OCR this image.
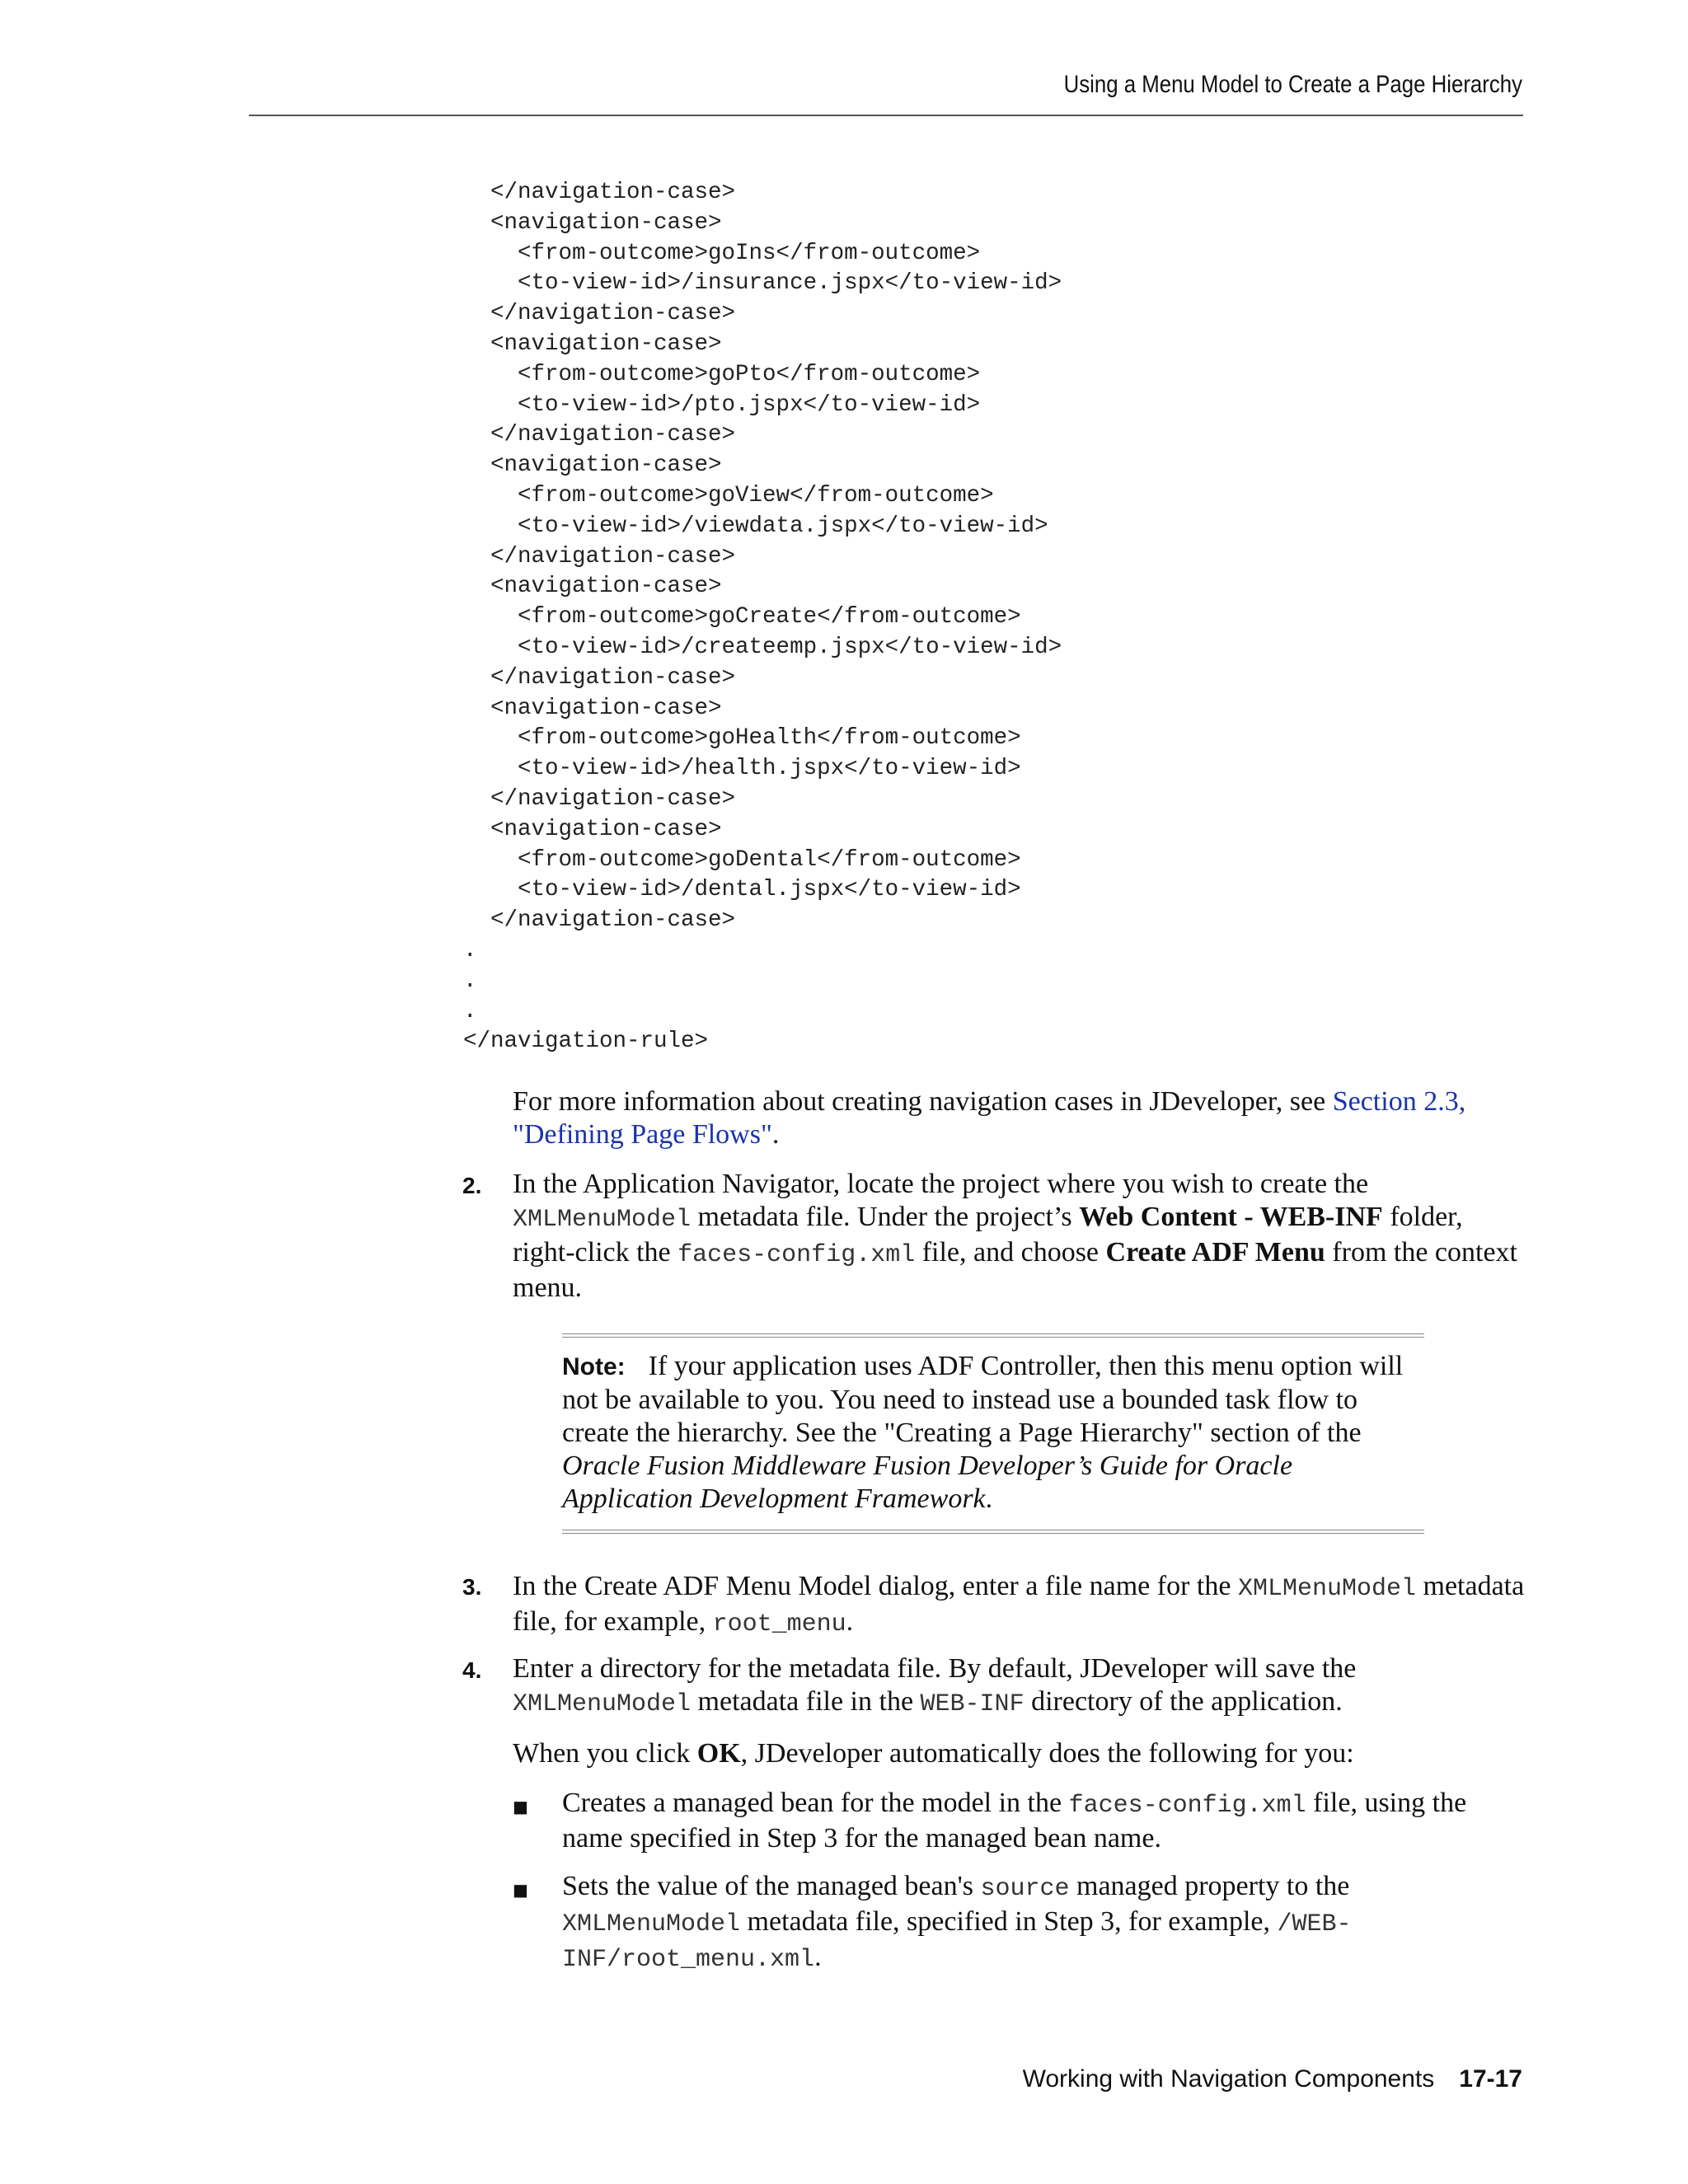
Using a Menu Model to Create a Page Hierarchy
</navigation-case>
<navigation-case>
<from-outcome>goIns</from-outcome>
<to-view-id>/insurance.jspx</to-view-id>
</navigation-case>
<navigation-case>
<from-outcome>goPto</from-outcome>
<to-view-id>/pto.jspx</to-view-id>
</navigation-case>
<navigation-case>
<from-outcome>goView</from-outcome>
<to-view-id>/viewdata.jspx</to-view-id>
</navigation-case>
<navigation-case>
<from-outcome>goCreate</from-outcome>
<to-view-id>/createemp.jspx</to-view-id>
</navigation-case>
<navigation-case>
<from-outcome>goHealth</from-outcome>
<to-view-id>/health.jspx</to-view-id>
</navigation-case>
<navigation-case>
<from-outcome>goDental</from-outcome>
<to-view-id>/dental.jspx</to-view-id>
</navigation-case>
.
.
.
</navigation-rule>
For more information about creating navigation cases in JDeveloper, see Section 2.3, "Defining Page Flows".
2. In the Application Navigator, locate the project where you wish to create the XMLMenuModel metadata file. Under the project’s Web Content - WEB-INF folder, right-click the faces-config.xml file, and choose Create ADF Menu from the context menu.
Note: If your application uses ADF Controller, then this menu option will not be available to you. You need to instead use a bounded task flow to create the hierarchy. See the "Creating a Page Hierarchy" section of the Oracle Fusion Middleware Fusion Developer’s Guide for Oracle Application Development Framework.
3. In the Create ADF Menu Model dialog, enter a file name for the XMLMenuModel metadata file, for example, root_menu.
4. Enter a directory for the metadata file. By default, JDeveloper will save the XMLMenuModel metadata file in the WEB-INF directory of the application.
When you click OK, JDeveloper automatically does the following for you:
■ Creates a managed bean for the model in the faces-config.xml file, using the name specified in Step 3 for the managed bean name.
■ Sets the value of the managed bean's source managed property to the XMLMenuModel metadata file, specified in Step 3, for example, /WEB-INF/root_menu.xml.
Working with Navigation Components 17-17
